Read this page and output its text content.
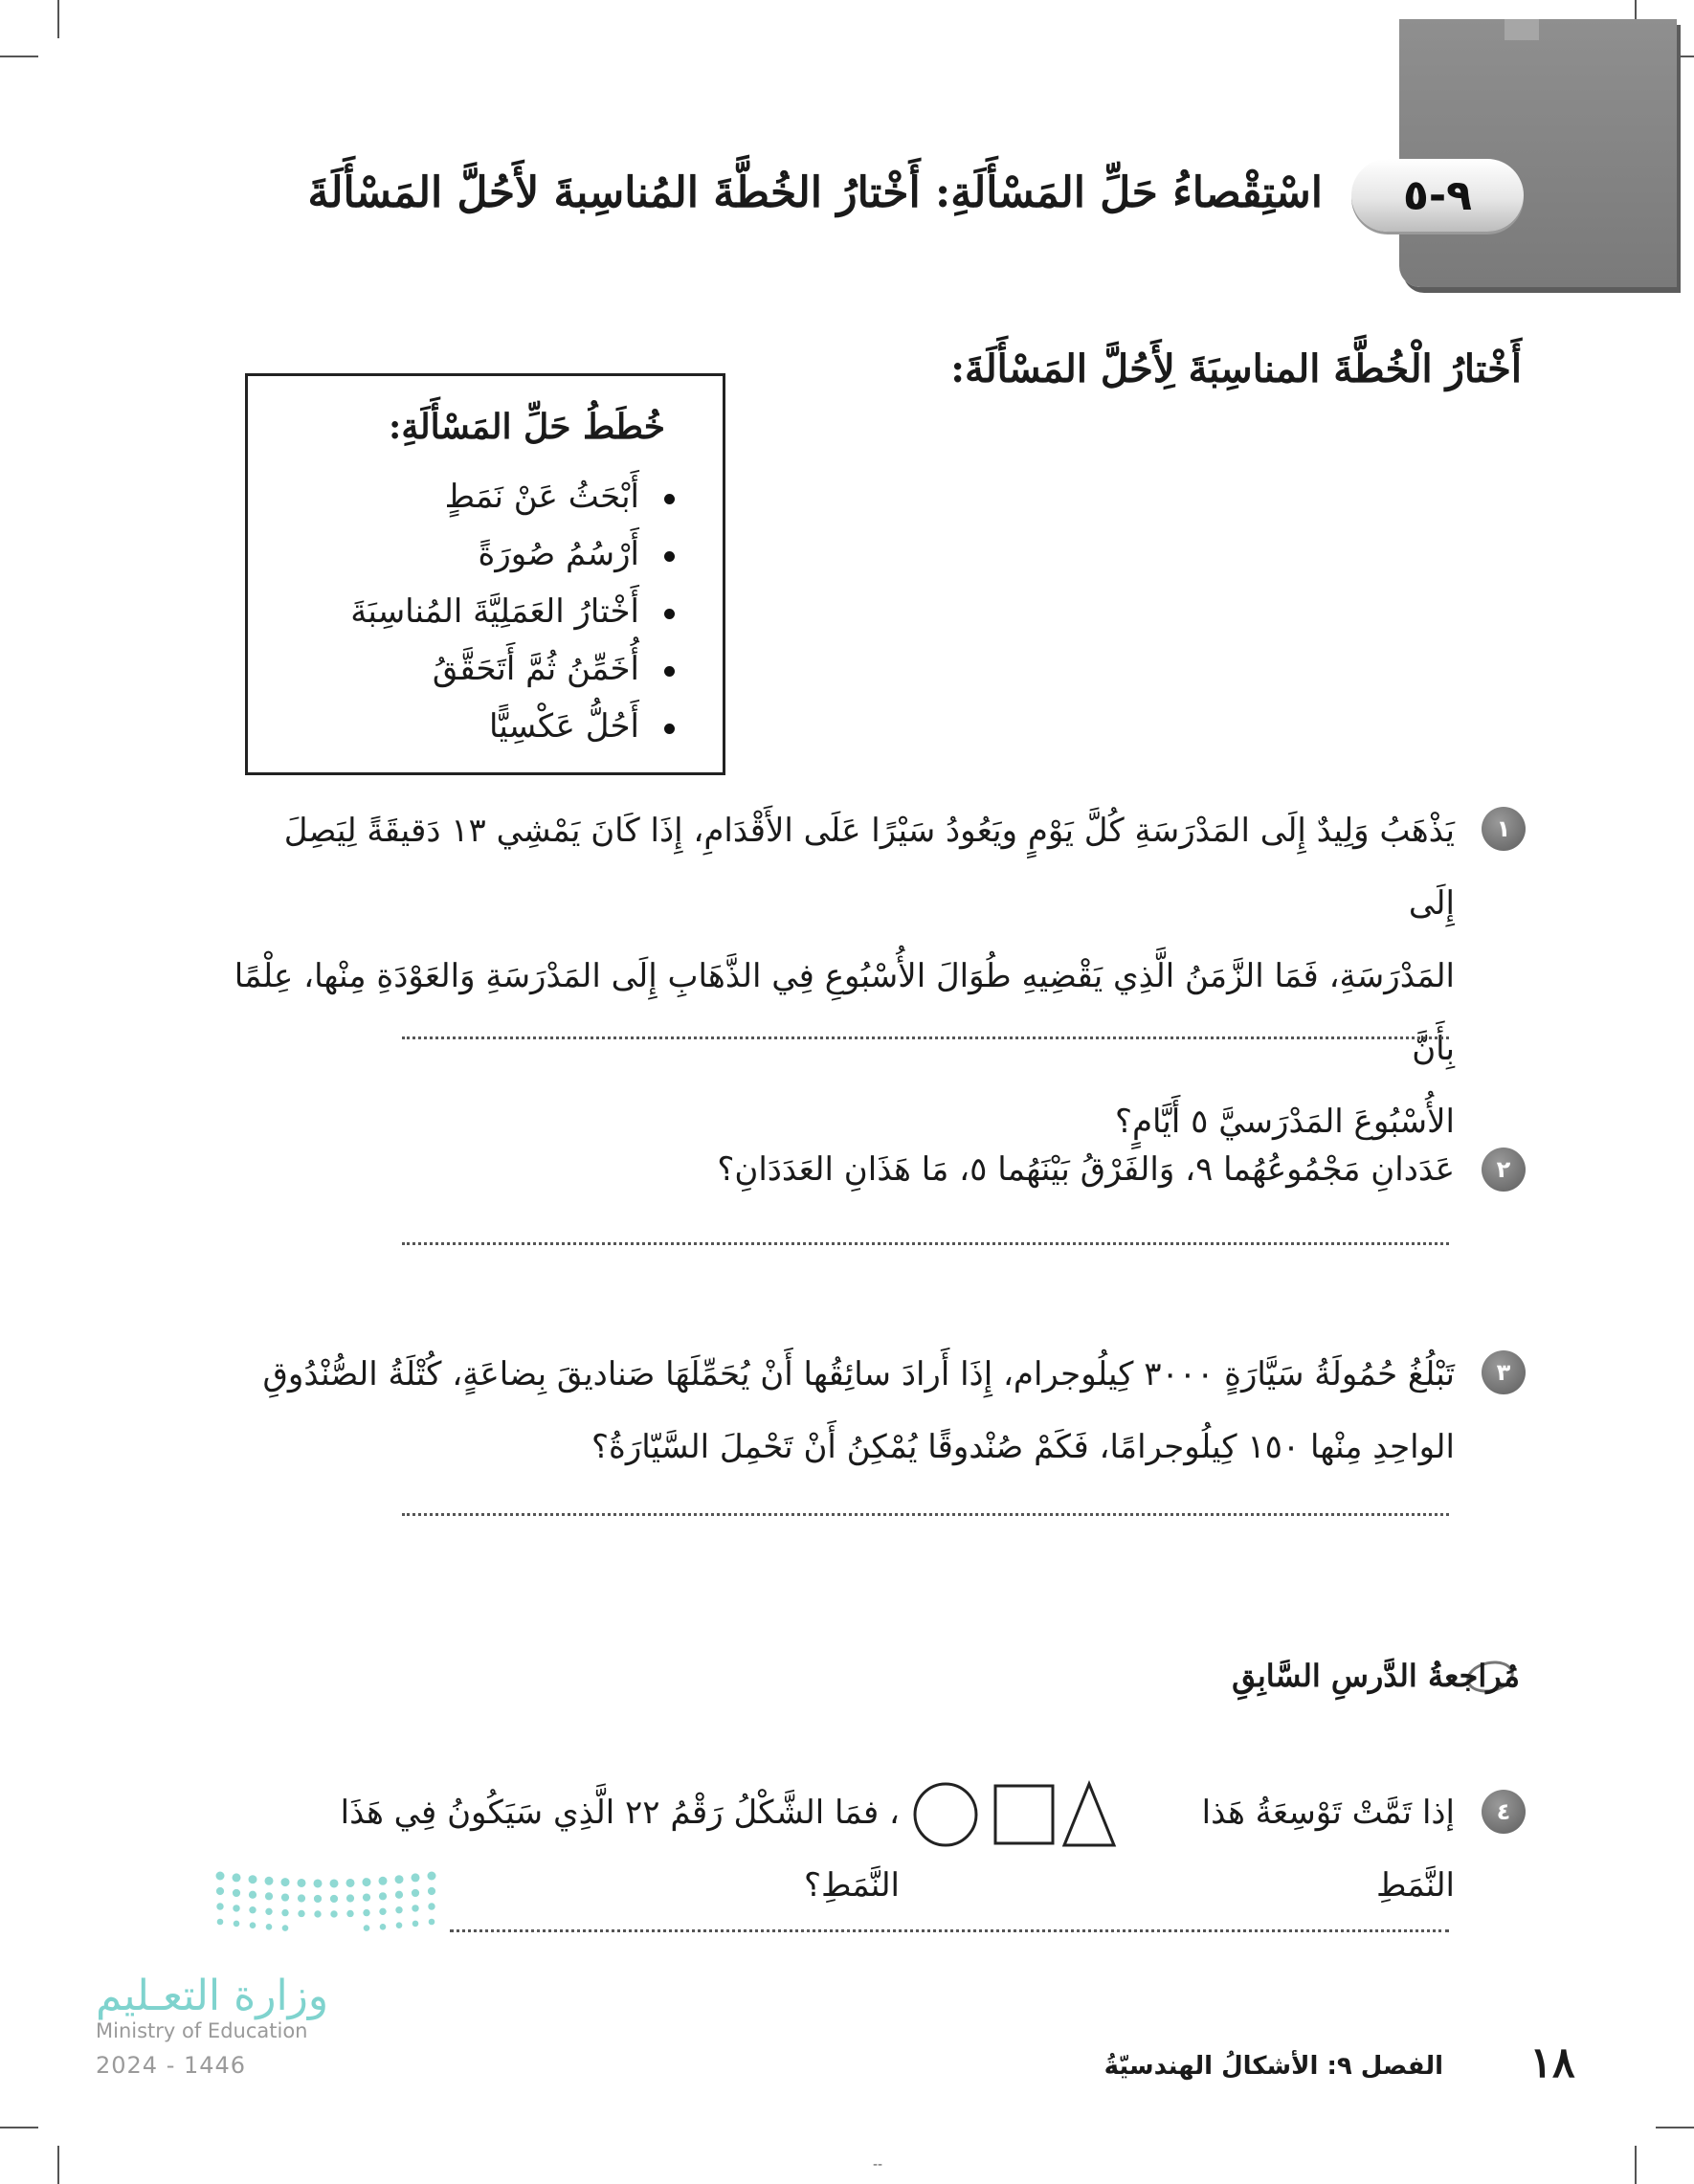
٩-٥
اسْتِقْصاءُ حَلِّ المَسْأَلَةِ: أَخْتارُ الخُطَّةَ المُناسِبةَ لأَحُلَّ المَسْأَلَةَ
أَخْتارُ الْخُطَّةَ المناسِبَةَ لِأَحُلَّ المَسْأَلَةَ:
خُطَطُ حَلِّ المَسْأَلَةِ:
أَبْحَثُ عَنْ نَمَطٍ
أَرْسُمُ صُورَةً
أَخْتارُ العَمَلِيَّةَ المُناسِبَةَ
أُخَمِّنُ ثُمَّ أَتَحَقَّقُ
أَحُلُّ عَكْسِيًّا
١
يَذْهَبُ وَلِيدٌ إِلَى المَدْرَسَةِ كُلَّ يَوْمٍ ويَعُودُ سَيْرًا عَلَى الأَقْدَامِ، إِذَا كَانَ يَمْشِي ١٣ دَقيقَةً لِيَصِلَ إِلَى
المَدْرَسَةِ، فَمَا الزَّمَنُ الَّذِي يَقْضِيهِ طُوَالَ الأُسْبُوعِ فِي الذَّهَابِ إِلَى المَدْرَسَةِ وَالعَوْدَةِ مِنْها، عِلْمًا بِأَنَّ
الأُسْبُوعَ المَدْرَسيَّ ٥ أَيَّامٍ؟
٢
عَدَدانِ مَجْمُوعُهُما ٩، وَالفَرْقُ بَيْنَهُما ٥، مَا هَذَانِ العَدَدَانِ؟
٣
تَبْلُغُ حُمُولَةُ سَيَّارَةٍ ٣٠٠٠ كِيلُوجرام، إِذَا أَرادَ سائِقُها أَنْ يُحَمِّلَهَا صَناديقَ بِضاعَةٍ، كُتْلَةُ الصُّنْدُوقِ
الواحِدِ مِنْها ١٥٠ كِيلُوجرامًا، فَكَمْ صُنْدوقًا يُمْكِنُ أَنْ تَحْمِلَ السَّيّارَةُ؟
مُراجعةُ الدَّرسِ السَّابِقِ
٤
إذا تَمَّتْ تَوْسِعَةُ هَذا النَّمَطِ
، فمَا الشَّكْلُ رَقْمُ ٢٢ الَّذِي سَيَكُونُ فِي هَذَا النَّمَطِ؟
وزارة التعـليم
Ministry of Education
2024 - 1446	الفصل ٩: الأشكالُ الهندسيّةُ	١٨
--
